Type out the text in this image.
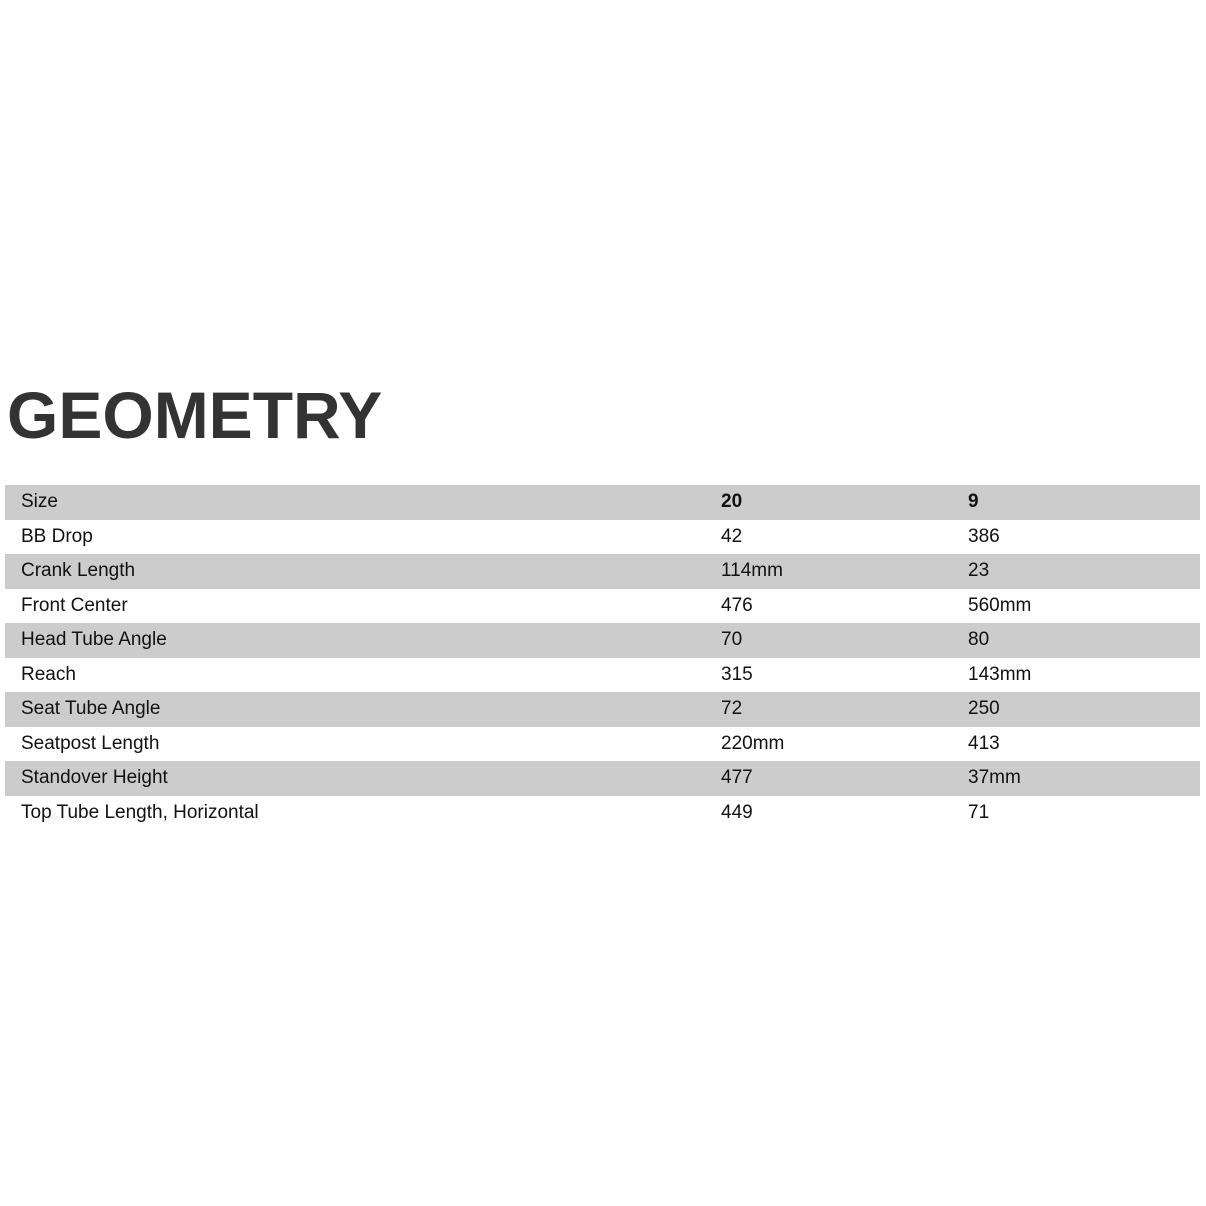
GEOMETRY
Size	20	9
BB Drop	42	386
Crank Length	114mm	23
Front Center	476	560mm
Head Tube Angle	70	80
Reach	315	143mm
Seat Tube Angle	72	250
Seatpost Length	220mm	413
Standover Height	477	37mm
Top Tube Length, Horizontal	449	71
